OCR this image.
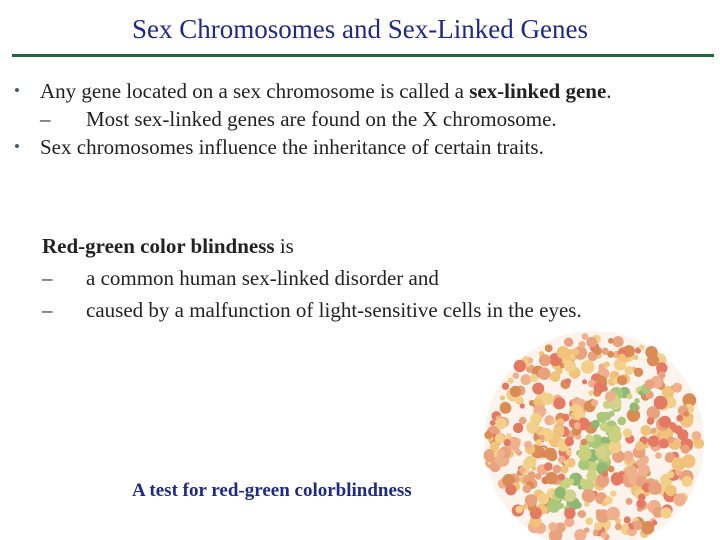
Sex Chromosomes and Sex-Linked Genes
• Any gene located on a sex chromosome is called a sex-linked gene.
– Most sex-linked genes are found on the X chromosome.
• Sex chromosomes influence the inheritance of certain traits.
Red-green color blindness is
– a common human sex-linked disorder and
– caused by a malfunction of light-sensitive cells in the eyes.
A test for red-green colorblindness
